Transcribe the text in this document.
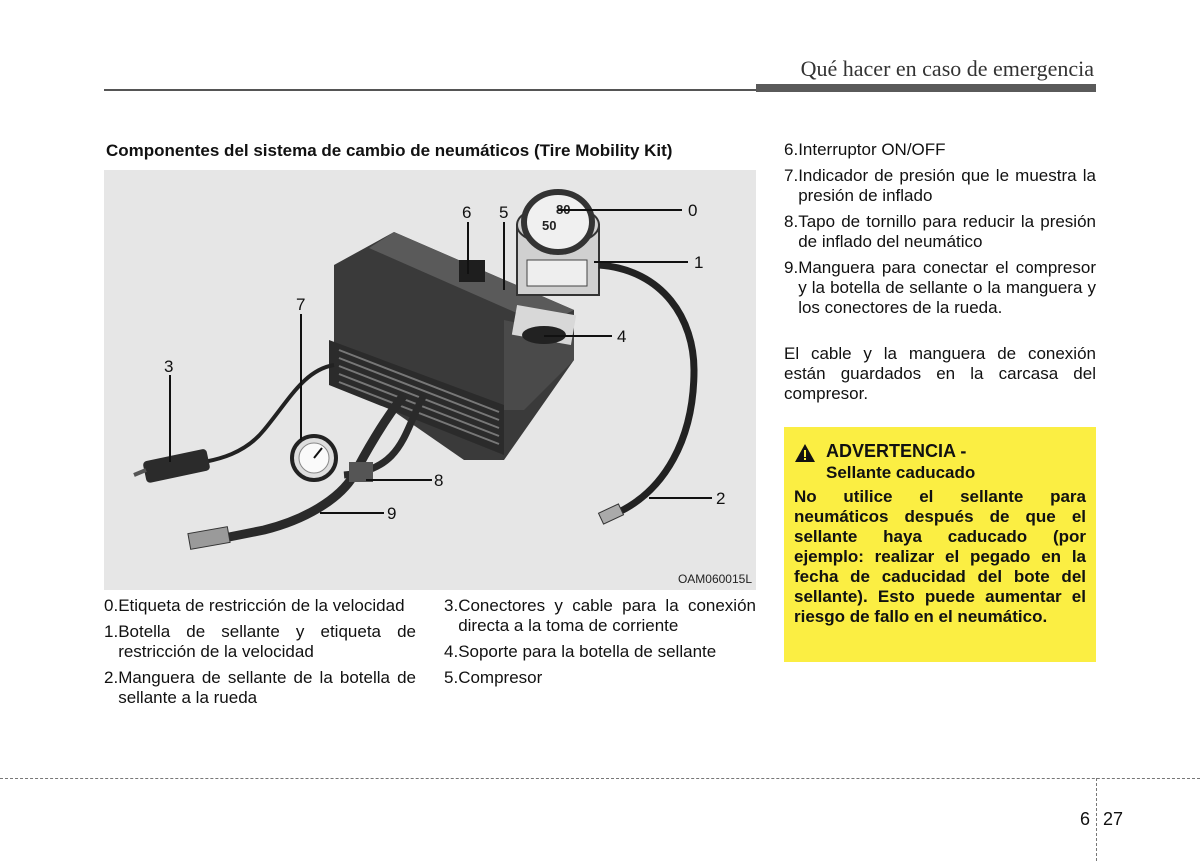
Qué hacer en caso de emergencia
Componentes del sistema de cambio de neumáticos (Tire Mobility Kit)
80
50
0
1
2
3
4
5
6
7
8
9
OAM060015L
0. Etiqueta de restricción de la velocidad
1. Botella de sellante y etiqueta de restricción de la velocidad
2. Manguera de sellante de la botella de sellante a la rueda
3. Conectores y cable para la conexión directa a la toma de corriente
4. Soporte para la botella de sellante
5. Compresor
6. Interruptor ON/OFF
7. Indicador de presión que le muestra la presión de inflado
8. Tapo de tornillo para reducir la presión de inflado del neumático
9. Manguera para conectar el compresor y la botella de sellante o la manguera y los conectores de la rueda.
El cable y la manguera de conexión están guardados en la carcasa del compresor.
ADVERTENCIA -
Sellante caducado
No utilice el sellante para neumáticos después de que el sellante haya caducado (por ejemplo: realizar el pegado en la fecha de caducidad del bote del sellante). Esto puede aumentar el riesgo de fallo en el neumático.
6 27
